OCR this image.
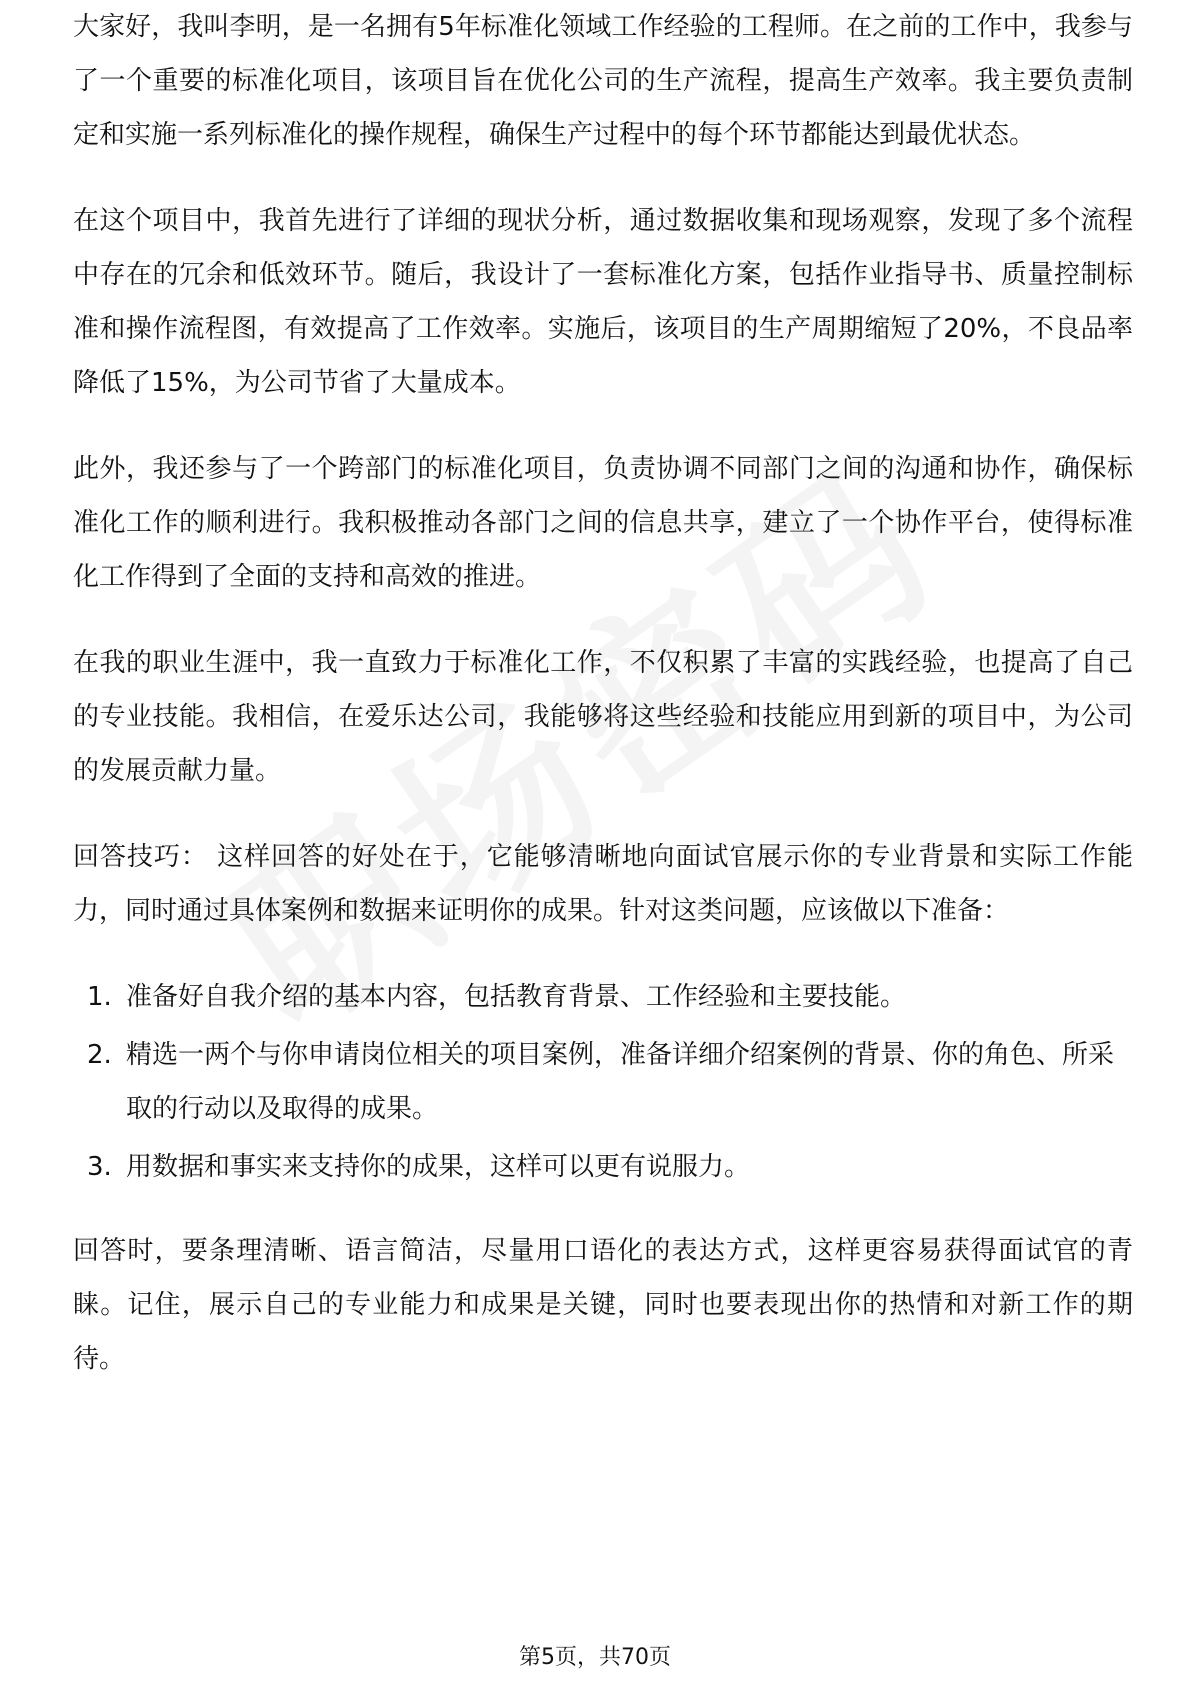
大家好，我叫李明，是一名拥有5年标准化领域工作经验的工程师。在之前的工作中，我参与了一个重要的标准化项目，该项目旨在优化公司的生产流程，提高生产效率。我主要负责制定和实施一系列标准化的操作规程，确保生产过程中的每个环节都能达到最优状态。

在这个项目中，我首先进行了详细的现状分析，通过数据收集和现场观察，发现了多个流程中存在的冗余和低效环节。随后，我设计了一套标准化方案，包括作业指导书、质量控制标准和操作流程图，有效提高了工作效率。实施后，该项目的生产周期缩短了20%，不良品率降低了15%，为公司节省了大量成本。

此外，我还参与了一个跨部门的标准化项目，负责协调不同部门之间的沟通和协作，确保标准化工作的顺利进行。我积极推动各部门之间的信息共享，建立了一个协作平台，使得标准化工作得到了全面的支持和高效的推进。

在我的职业生涯中，我一直致力于标准化工作，不仅积累了丰富的实践经验，也提高了自己的专业技能。我相信，在爱乐达公司，我能够将这些经验和技能应用到新的项目中，为公司的发展贡献力量。

回答技巧： 这样回答的好处在于，它能够清晰地向面试官展示你的专业背景和实际工作能力，同时通过具体案例和数据来证明你的成果。针对这类问题，应该做以下准备：

1. 准备好自我介绍的基本内容，包括教育背景、工作经验和主要技能。
2. 精选一两个与你申请岗位相关的项目案例，准备详细介绍案例的背景、你的角色、所采取的行动以及取得的成果。
3. 用数据和事实来支持你的成果，这样可以更有说服力。

回答时，要条理清晰、语言简洁，尽量用口语化的表达方式，这样更容易获得面试官的青睐。记住，展示自己的专业能力和成果是关键，同时也要表现出你的热情和对新工作的期待。

第5页，共70页
